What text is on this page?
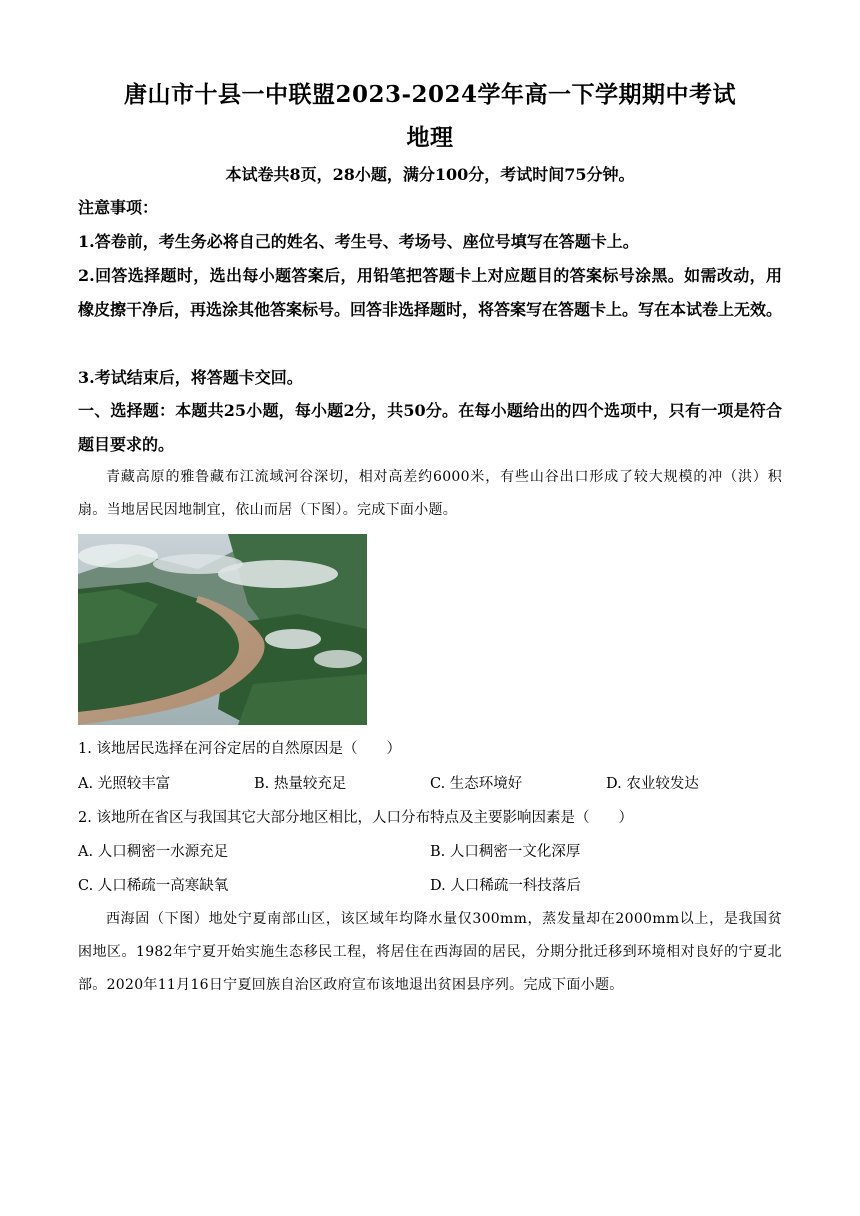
唐山市十县一中联盟2023-2024学年高一下学期期中考试
地理
本试卷共8页，28小题，满分100分，考试时间75分钟。
注意事项：
1.答卷前，考生务必将自己的姓名、考生号、考场号、座位号填写在答题卡上。
2.回答选择题时，选出每小题答案后，用铅笔把答题卡上对应题目的答案标号涂黑。如需改动，用橡皮擦干净后，再选涂其他答案标号。回答非选择题时，将答案写在答题卡上。写在本试卷上无效。
3.考试结束后，将答题卡交回。
一、选择题：本题共25小题，每小题2分，共50分。在每小题给出的四个选项中，只有一项是符合题目要求的。
青藏高原的雅鲁藏布江流域河谷深切，相对高差约6000米，有些山谷出口形成了较大规模的冲（洪）积扇。当地居民因地制宜，依山而居（下图）。完成下面小题。
1. 该地居民选择在河谷定居的自然原因是（　　）
A. 光照较丰富	B. 热量较充足	C. 生态环境好	D. 农业较发达
2. 该地所在省区与我国其它大部分地区相比，人口分布特点及主要影响因素是（　　）
A. 人口稠密一水源充足	B. 人口稠密一文化深厚
C. 人口稀疏一高寒缺氧	D. 人口稀疏一科技落后
西海固（下图）地处宁夏南部山区，该区域年均降水量仅300mm，蒸发量却在2000mm以上，是我国贫困地区。1982年宁夏开始实施生态移民工程，将居住在西海固的居民，分期分批迁移到环境相对良好的宁夏北部。2020年11月16日宁夏回族自治区政府宣布该地退出贫困县序列。完成下面小题。
